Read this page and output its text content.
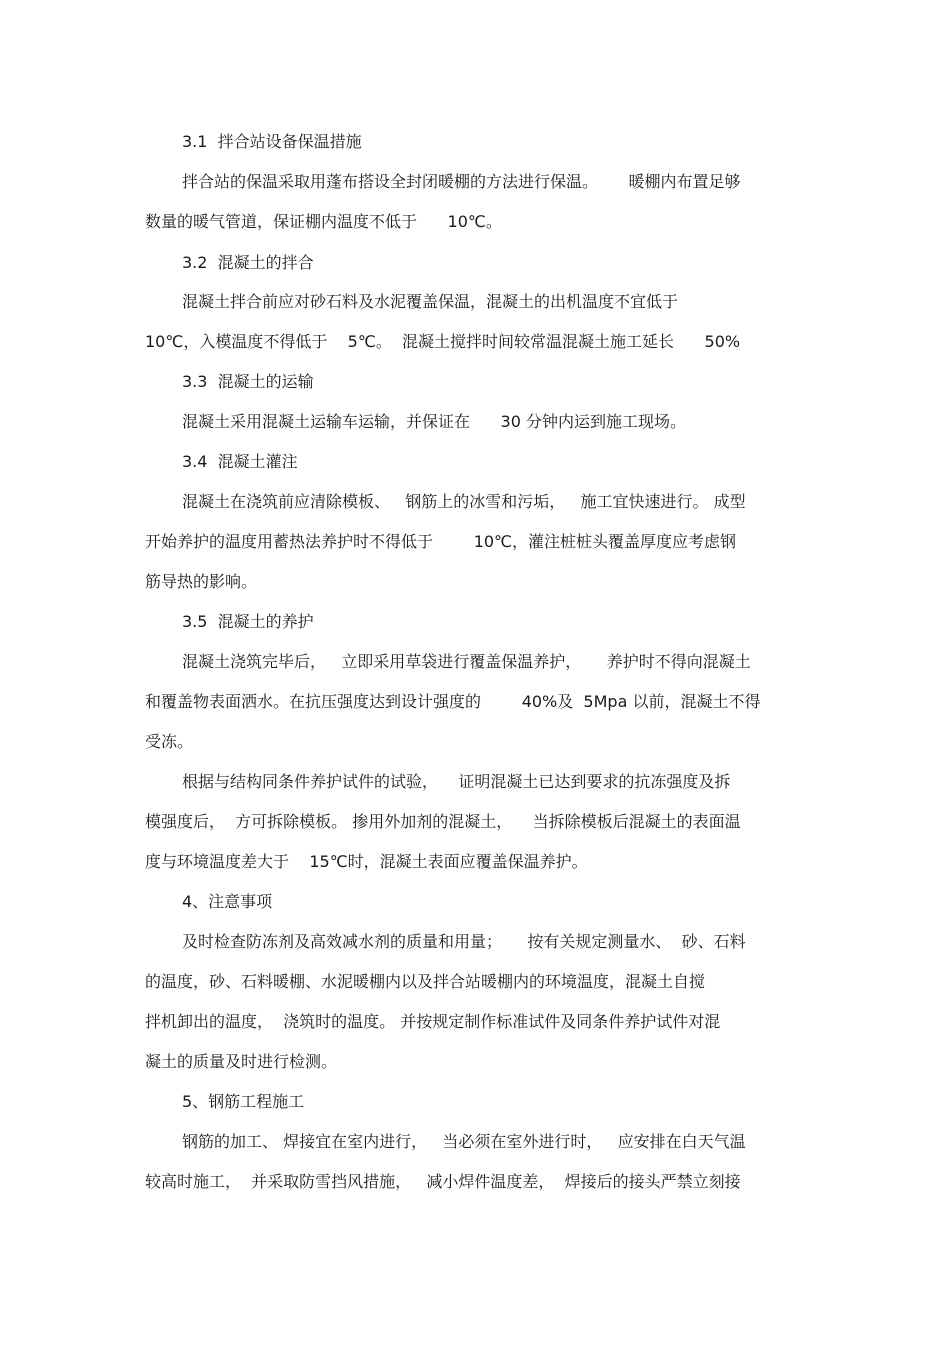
3.1  拌合站设备保温措施
拌合站的保温采取用蓬布搭设全封闭暖棚的方法进行保温。      暖棚内布置足够
数量的暖气管道，保证棚内温度不低于      10℃。
3.2  混凝土的拌合
混凝土拌合前应对砂石料及水泥覆盖保温，混凝土的出机温度不宜低于
10℃，入模温度不得低于    5℃。  混凝土搅拌时间较常温混凝土施工延长      50%
3.3  混凝土的运输
混凝土采用混凝土运输车运输，并保证在      30 分钟内运到施工现场。
3.4  混凝土灌注
混凝土在浇筑前应清除模板、   钢筋上的冰雪和污垢，   施工宜快速进行。 成型
开始养护的温度用蓄热法养护时不得低于        10℃，灌注桩桩头覆盖厚度应考虑钢
筋导热的影响。
3.5  混凝土的养护
混凝土浇筑完毕后，   立即采用草袋进行覆盖保温养护，     养护时不得向混凝土
和覆盖物表面洒水。在抗压强度达到设计强度的        40%及  5Mpa 以前，混凝土不得
受冻。
根据与结构同条件养护试件的试验，    证明混凝土已达到要求的抗冻强度及拆
模强度后，  方可拆除模板。 掺用外加剂的混凝土，    当拆除模板后混凝土的表面温
度与环境温度差大于    15℃时，混凝土表面应覆盖保温养护。
4、注意事项
及时检查防冻剂及高效减水剂的质量和用量；     按有关规定测量水、  砂、石料
的温度，砂、石料暖棚、水泥暖棚内以及拌合站暖棚内的环境温度，混凝土自搅
拌机卸出的温度，  浇筑时的温度。 并按规定制作标准试件及同条件养护试件对混
凝土的质量及时进行检测。
5、钢筋工程施工
钢筋的加工、 焊接宜在室内进行，   当必须在室外进行时，   应安排在白天气温
较高时施工，  并采取防雪挡风措施，   减小焊件温度差，  焊接后的接头严禁立刻接
